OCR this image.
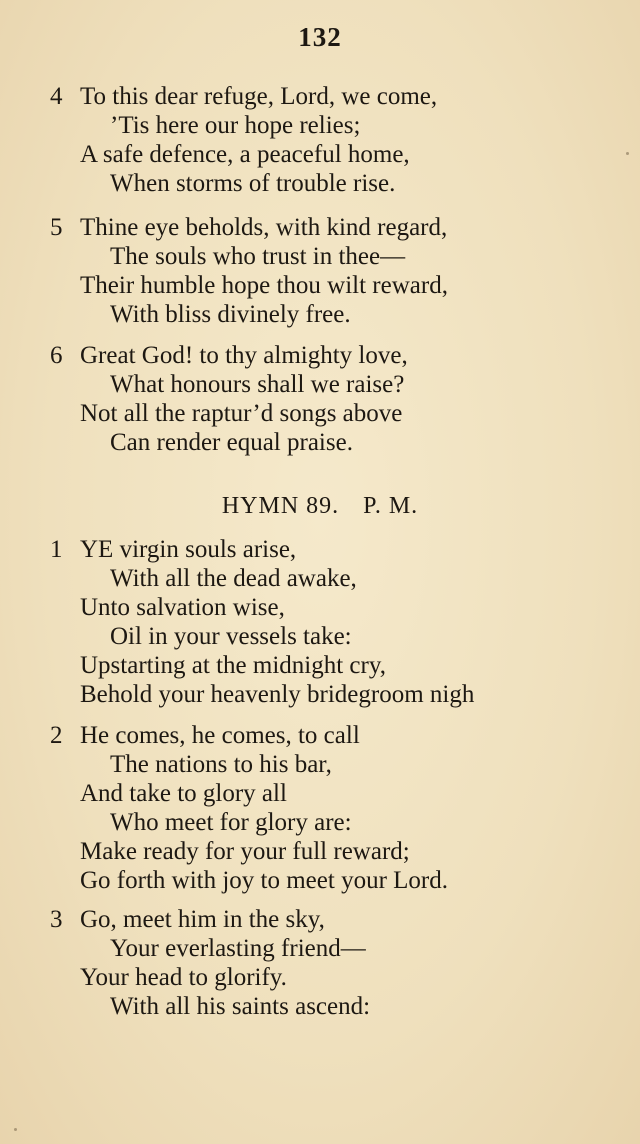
132
4 To this dear refuge, Lord, we come,
’Tis here our hope relies;
A safe defence, a peaceful home,
When storms of trouble rise.
5 Thine eye beholds, with kind regard,
The souls who trust in thee—
Their humble hope thou wilt reward,
With bliss divinely free.
6 Great God! to thy almighty love,
What honours shall we raise?
Not all the raptur’d songs above
Can render equal praise.
HYMN 89. P. M.
1 YE virgin souls arise,
With all the dead awake,
Unto salvation wise,
Oil in your vessels take:
Upstarting at the midnight cry,
Behold your heavenly bridegroom nigh
2 He comes, he comes, to call
The nations to his bar,
And take to glory all
Who meet for glory are:
Make ready for your full reward;
Go forth with joy to meet your Lord.
3 Go, meet him in the sky,
Your everlasting friend—
Your head to glorify.
With all his saints ascend:
